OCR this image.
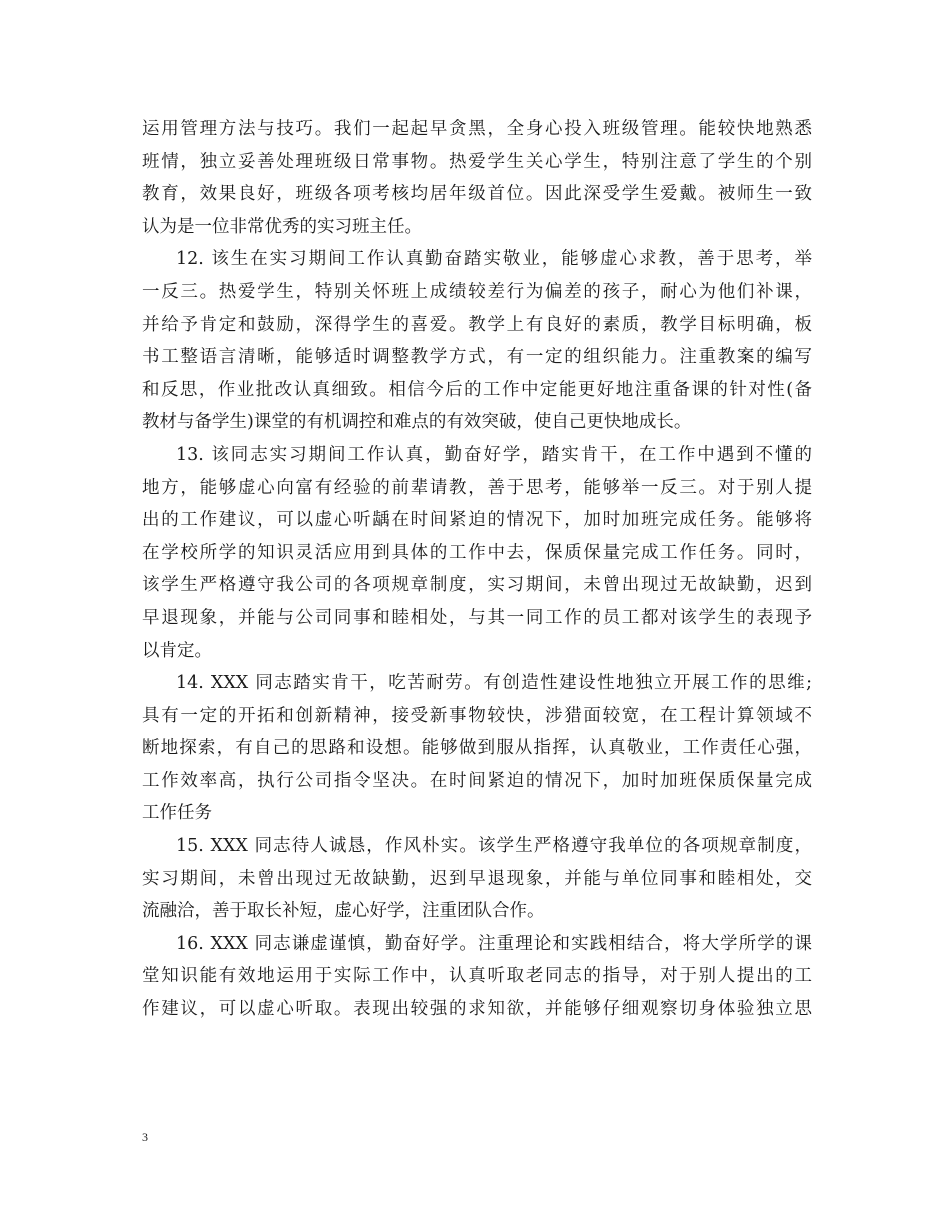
运用管理方法与技巧。我们一起起早贪黑，全身心投入班级管理。能较快地熟悉
班情，独立妥善处理班级日常事物。热爱学生关心学生，特别注意了学生的个别
教育，效果良好，班级各项考核均居年级首位。因此深受学生爱戴。被师生一致
认为是一位非常优秀的实习班主任。
12. 该生在实习期间工作认真勤奋踏实敬业，能够虚心求教，善于思考，举
一反三。热爱学生，特别关怀班上成绩较差行为偏差的孩子，耐心为他们补课，
并给予肯定和鼓励，深得学生的喜爱。教学上有良好的素质，教学目标明确，板
书工整语言清晰，能够适时调整教学方式，有一定的组织能力。注重教案的编写
和反思，作业批改认真细致。相信今后的工作中定能更好地注重备课的针对性(备
教材与备学生)课堂的有机调控和难点的有效突破，使自己更快地成长。
13. 该同志实习期间工作认真，勤奋好学，踏实肯干，在工作中遇到不懂的
地方，能够虚心向富有经验的前辈请教，善于思考，能够举一反三。对于别人提
出的工作建议，可以虚心听龋在时间紧迫的情况下，加时加班完成任务。能够将
在学校所学的知识灵活应用到具体的工作中去，保质保量完成工作任务。同时，
该学生严格遵守我公司的各项规章制度，实习期间，未曾出现过无故缺勤，迟到
早退现象，并能与公司同事和睦相处，与其一同工作的员工都对该学生的表现予
以肯定。
14. XXX 同志踏实肯干，吃苦耐劳。有创造性建设性地独立开展工作的思维;
具有一定的开拓和创新精神，接受新事物较快，涉猎面较宽，在工程计算领域不
断地探索，有自己的思路和设想。能够做到服从指挥，认真敬业，工作责任心强，
工作效率高，执行公司指令坚决。在时间紧迫的情况下，加时加班保质保量完成
工作任务
15. XXX 同志待人诚恳，作风朴实。该学生严格遵守我单位的各项规章制度，
实习期间，未曾出现过无故缺勤，迟到早退现象，并能与单位同事和睦相处，交
流融洽，善于取长补短，虚心好学，注重团队合作。
16. XXX 同志谦虚谨慎，勤奋好学。注重理论和实践相结合，将大学所学的课
堂知识能有效地运用于实际工作中，认真听取老同志的指导，对于别人提出的工
作建议，可以虚心听取。表现出较强的求知欲，并能够仔细观察切身体验独立思
3
